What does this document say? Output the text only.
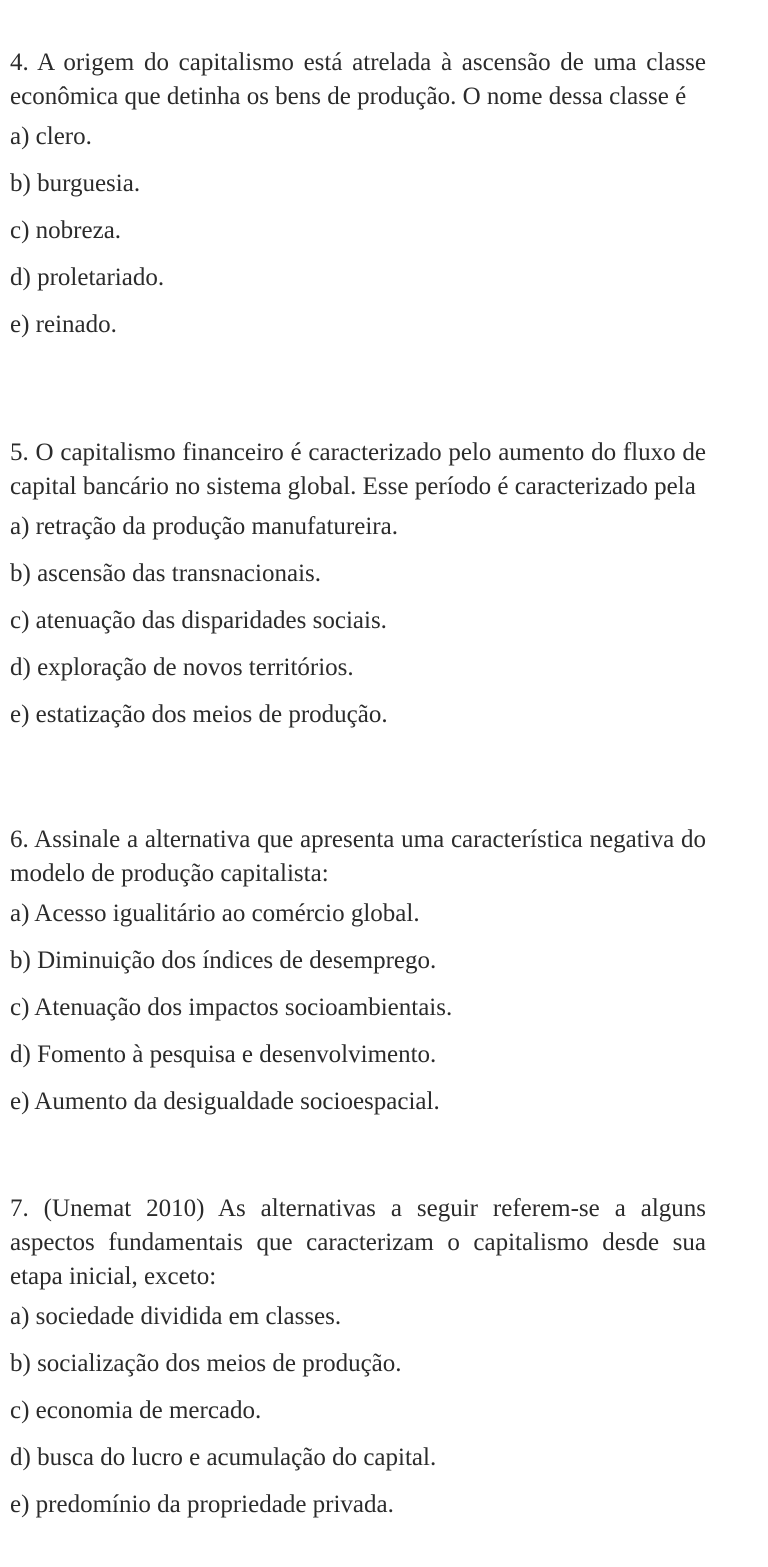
4. A origem do capitalismo está atrelada à ascensão de uma classe econômica que detinha os bens de produção. O nome dessa classe é

a) clero.
b) burguesia.
c) nobreza.
d) proletariado.
e) reinado.

5. O capitalismo financeiro é caracterizado pelo aumento do fluxo de capital bancário no sistema global. Esse período é caracterizado pela

a) retração da produção manufatureira.
b) ascensão das transnacionais.
c) atenuação das disparidades sociais.
d) exploração de novos territórios.
e) estatização dos meios de produção.

6. Assinale a alternativa que apresenta uma característica negativa do modelo de produção capitalista:

a) Acesso igualitário ao comércio global.
b) Diminuição dos índices de desemprego.
c) Atenuação dos impactos socioambientais.
d) Fomento à pesquisa e desenvolvimento.
e) Aumento da desigualdade socioespacial.

7. (Unemat 2010) As alternativas a seguir referem-se a alguns aspectos fundamentais que caracterizam o capitalismo desde sua etapa inicial, exceto:

a) sociedade dividida em classes.
b) socialização dos meios de produção.
c) economia de mercado.
d) busca do lucro e acumulação do capital.
e) predomínio da propriedade privada.
